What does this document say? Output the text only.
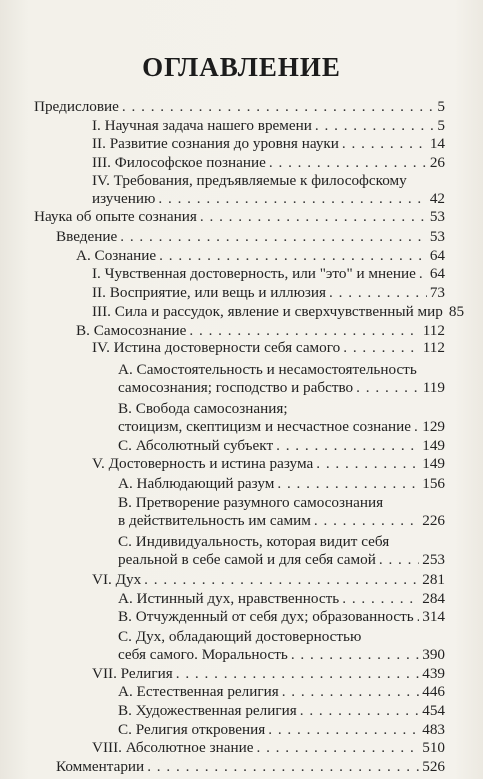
ОГЛАВЛЕНИЕ
Предисловие . . .	5
I. Научная задача нашего времени . . .	5
II. Развитие сознания до уровня науки . . .	14
III. Философское познание . . .	26
IV. Требования, предъявляемые к философскому
изучению . . .	42
Наука об опыте сознания . . .	53
Введение . . .	53
А. Сознание . . .	64
I. Чувственная достоверность, или "это" и мнение . . . 64
II. Восприятие, или вещь и иллюзия . . .	73
III. Сила и рассудок, явление и сверхчувственный мир 85
В. Самосознание . . .	112
IV. Истина достоверности себя самого . . .	112
А. Самостоятельность и несамостоятельность
самосознания; господство и рабство . . .	119
В. Свобода самосознания;
стоицизм, скептицизм и несчастное сознание . . . 129
С. Абсолютный субъект . . .	149
V. Достоверность и истина разума . . .	149
А. Наблюдающий разум . . .	156
В. Претворение разумного самосознания
в действительность им самим . . .	226
С. Индивидуальность, которая видит себя
реальной в себе самой и для себя самой . . .	253
VI. Дух . . .	281
А. Истинный дух, нравственность . . .	284
В. Отчужденный от себя дух; образованность . . . 314
С. Дух, обладающий достоверностью
себя самого. Моральность . . .	390
VII. Религия . . .	439
А. Естественная религия . . .	446
В. Художественная религия . . .	454
С. Религия откровения . . .	483
VIII. Абсолютное знание . . .	510
Комментарии . . .	526
